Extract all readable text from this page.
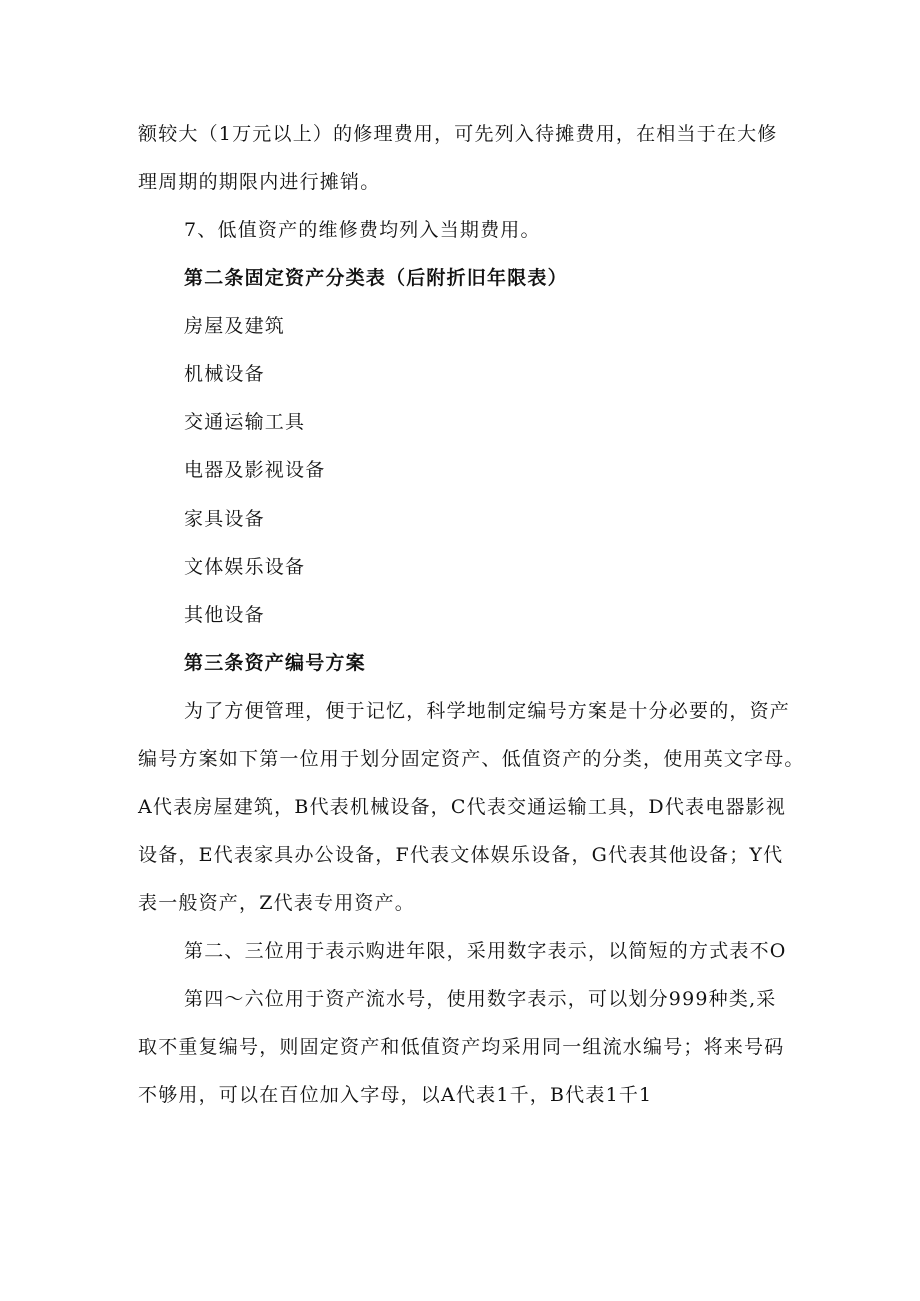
额较大（1万元以上）的修理费用，可先列入待摊费用，在相当于在大修
理周期的期限内进行摊销。
7、低值资产的维修费均列入当期费用。
第二条固定资产分类表（后附折旧年限表）
房屋及建筑
机械设备
交通运输工具
电器及影视设备
家具设备
文体娱乐设备
其他设备
第三条资产编号方案
为了方便管理，便于记忆，科学地制定编号方案是十分必要的，资产
编号方案如下第一位用于划分固定资产、低值资产的分类，使用英文字母。
A代表房屋建筑，B代表机械设备，C代表交通运输工具，D代表电器影视
设备，E代表家具办公设备，F代表文体娱乐设备，G代表其他设备；Y代
表一般资产，Z代表专用资产。
第二、三位用于表示购进年限，采用数字表示，以简短的方式表不O
第四～六位用于资产流水号，使用数字表示，可以划分999种类,采
取不重复编号，则固定资产和低值资产均采用同一组流水编号；将来号码
不够用，可以在百位加入字母，以A代表1千，B代表1千1
